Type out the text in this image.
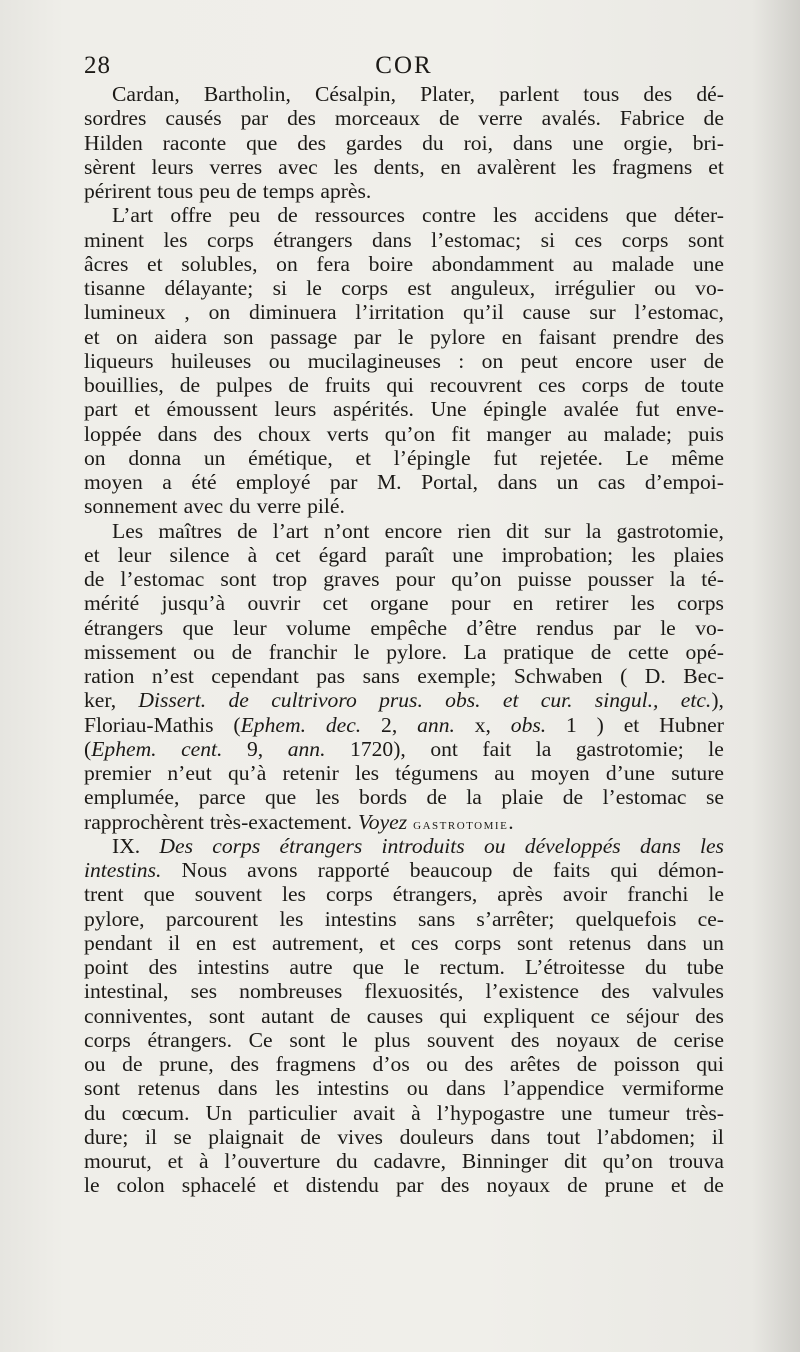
28	COR
Cardan, Bartholin, Césalpin, Plater, parlent tous des dé-
sordres causés par des morceaux de verre avalés. Fabrice de
Hilden raconte que des gardes du roi, dans une orgie, bri-
sèrent leurs verres avec les dents, en avalèrent les fragmens et
périrent tous peu de temps après.
L’art offre peu de ressources contre les accidens que déter-
minent les corps étrangers dans l’estomac; si ces corps sont
âcres et solubles, on fera boire abondamment au malade une
tisanne délayante; si le corps est anguleux, irrégulier ou vo-
lumineux , on diminuera l’irritation qu’il cause sur l’estomac,
et on aidera son passage par le pylore en faisant prendre des
liqueurs huileuses ou mucilagineuses : on peut encore user de
bouillies, de pulpes de fruits qui recouvrent ces corps de toute
part et émoussent leurs aspérités. Une épingle avalée fut enve-
loppée dans des choux verts qu’on fit manger au malade; puis
on donna un émétique, et l’épingle fut rejetée. Le même
moyen a été employé par M. Portal, dans un cas d’empoi-
sonnement avec du verre pilé.
Les maîtres de l’art n’ont encore rien dit sur la gastrotomie,
et leur silence à cet égard paraît une improbation; les plaies
de l’estomac sont trop graves pour qu’on puisse pousser la té-
mérité jusqu’à ouvrir cet organe pour en retirer les corps
étrangers que leur volume empêche d’être rendus par le vo-
missement ou de franchir le pylore. La pratique de cette opé-
ration n’est cependant pas sans exemple; Schwaben ( D. Bec-
ker, Dissert. de cultrivoro prus. obs. et cur. singul., etc.),
Floriau-Mathis (Ephem. dec. 2, ann. x, obs. 1 ) et Hubner
(Ephem. cent. 9, ann. 1720), ont fait la gastrotomie; le
premier n’eut qu’à retenir les tégumens au moyen d’une suture
emplumée, parce que les bords de la plaie de l’estomac se
rapprochèrent très-exactement. Voyez gastrotomie.
IX. Des corps étrangers introduits ou développés dans les
intestins. Nous avons rapporté beaucoup de faits qui démon-
trent que souvent les corps étrangers, après avoir franchi le
pylore, parcourent les intestins sans s’arrêter; quelquefois ce-
pendant il en est autrement, et ces corps sont retenus dans un
point des intestins autre que le rectum. L’étroitesse du tube
intestinal, ses nombreuses flexuosités, l’existence des valvules
conniventes, sont autant de causes qui expliquent ce séjour des
corps étrangers. Ce sont le plus souvent des noyaux de cerise
ou de prune, des fragmens d’os ou des arêtes de poisson qui
sont retenus dans les intestins ou dans l’appendice vermiforme
du cœcum. Un particulier avait à l’hypogastre une tumeur très-
dure; il se plaignait de vives douleurs dans tout l’abdomen; il
mourut, et à l’ouverture du cadavre, Binninger dit qu’on trouva
le colon sphacelé et distendu par des noyaux de prune et de
